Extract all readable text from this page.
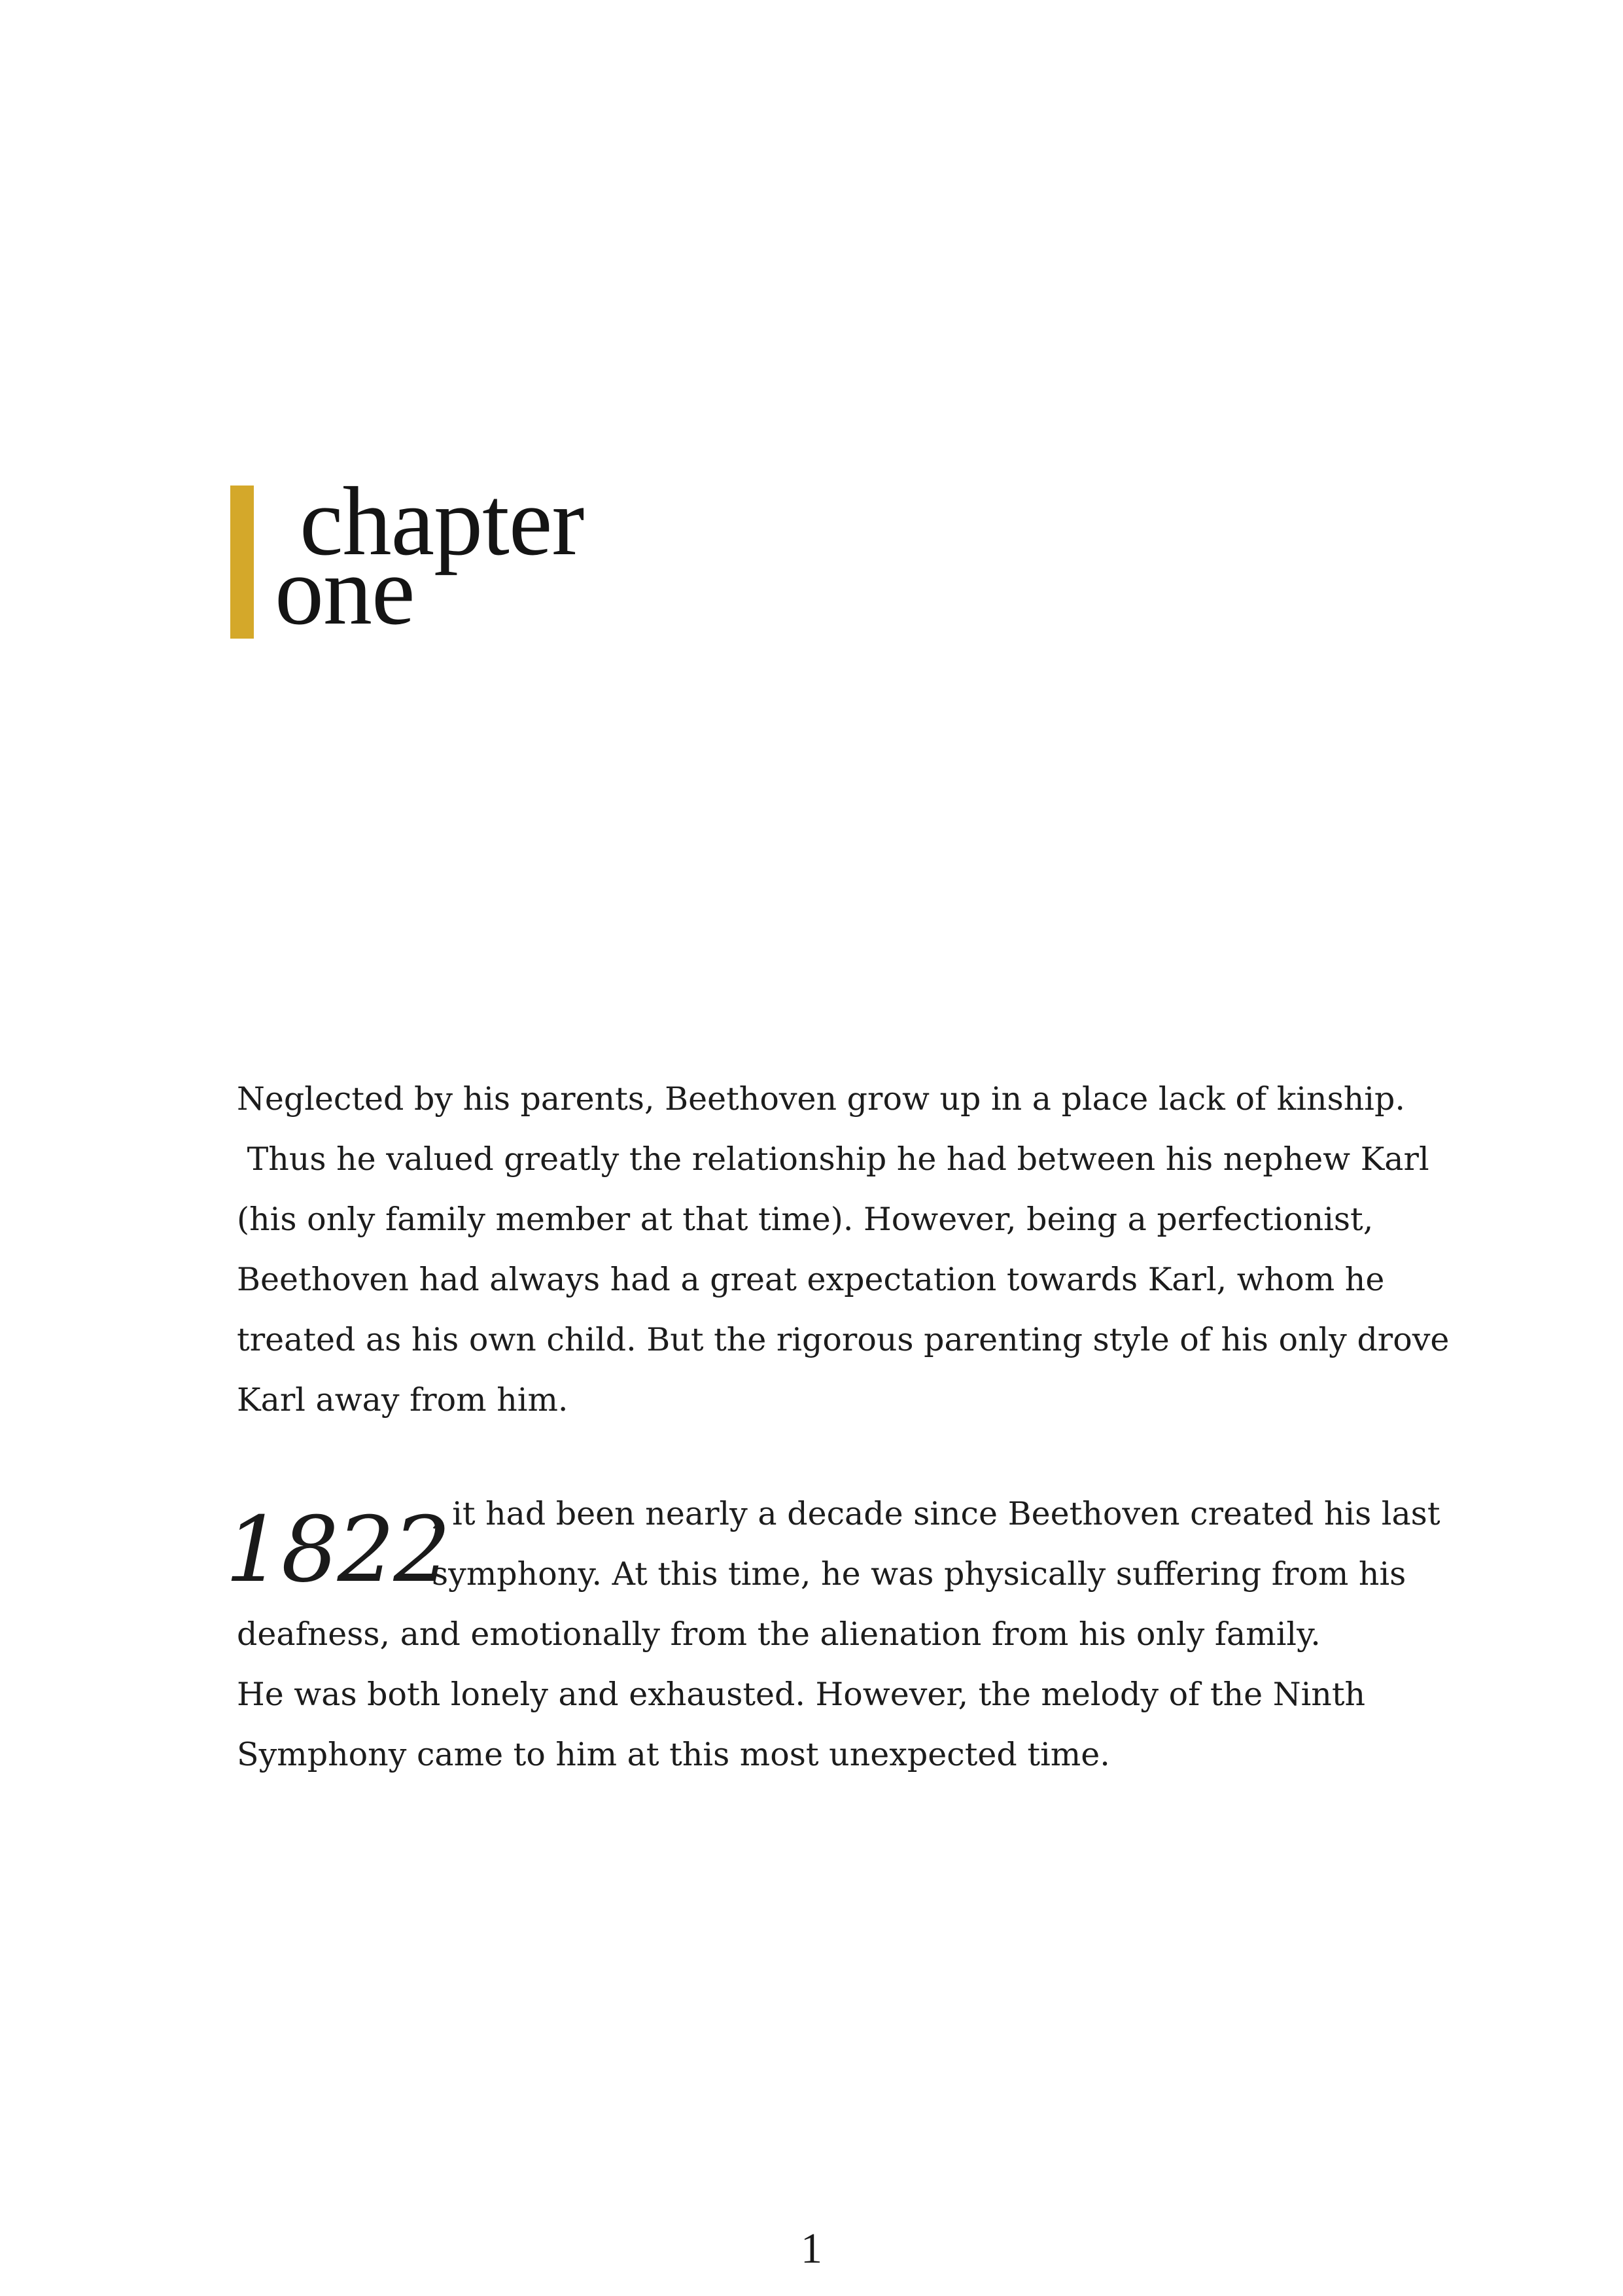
chapter
one

Neglected by his parents, Beethoven grow up in a place lack of kinship.
Thus he valued greatly the relationship he had between his nephew Karl
(his only family member at that time). However, being a perfectionist,
Beethoven had always had a great expectation towards Karl, whom he
treated as his own child. But the rigorous parenting style of his only drove
Karl away from him.

1822
, it had been nearly a decade since Beethoven created his last
symphony. At this time, he was physically suffering from his

deafness, and emotionally from the alienation from his only family.
He was both lonely and exhausted. However, the melody of the Ninth
Symphony came to him at this most unexpected time.

1
